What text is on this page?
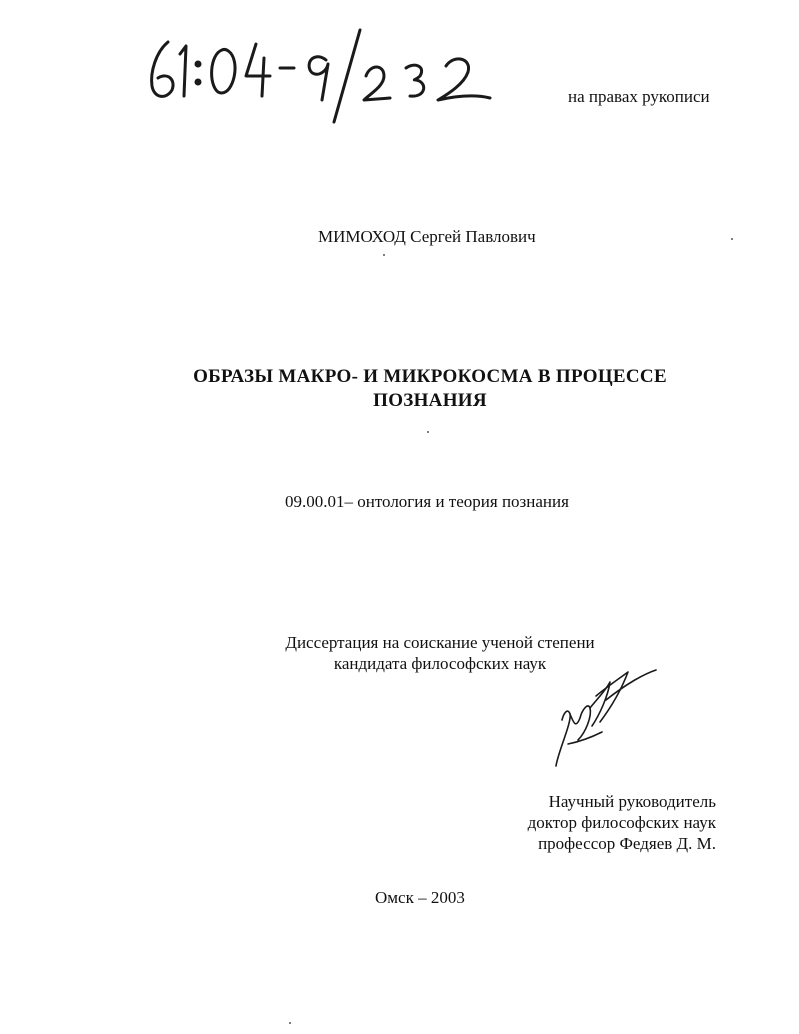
на правах рукописи
МИМОХОД Сергей Павлович
ОБРАЗЫ МАКРО- И МИКРОКОСМА В ПРОЦЕССЕ
ПОЗНАНИЯ
09.00.01– онтология и теория познания
Диссертация на соискание ученой степени
кандидата философских наук
Научный руководитель
доктор философских наук
профессор Федяев Д. М.
Омск – 2003
